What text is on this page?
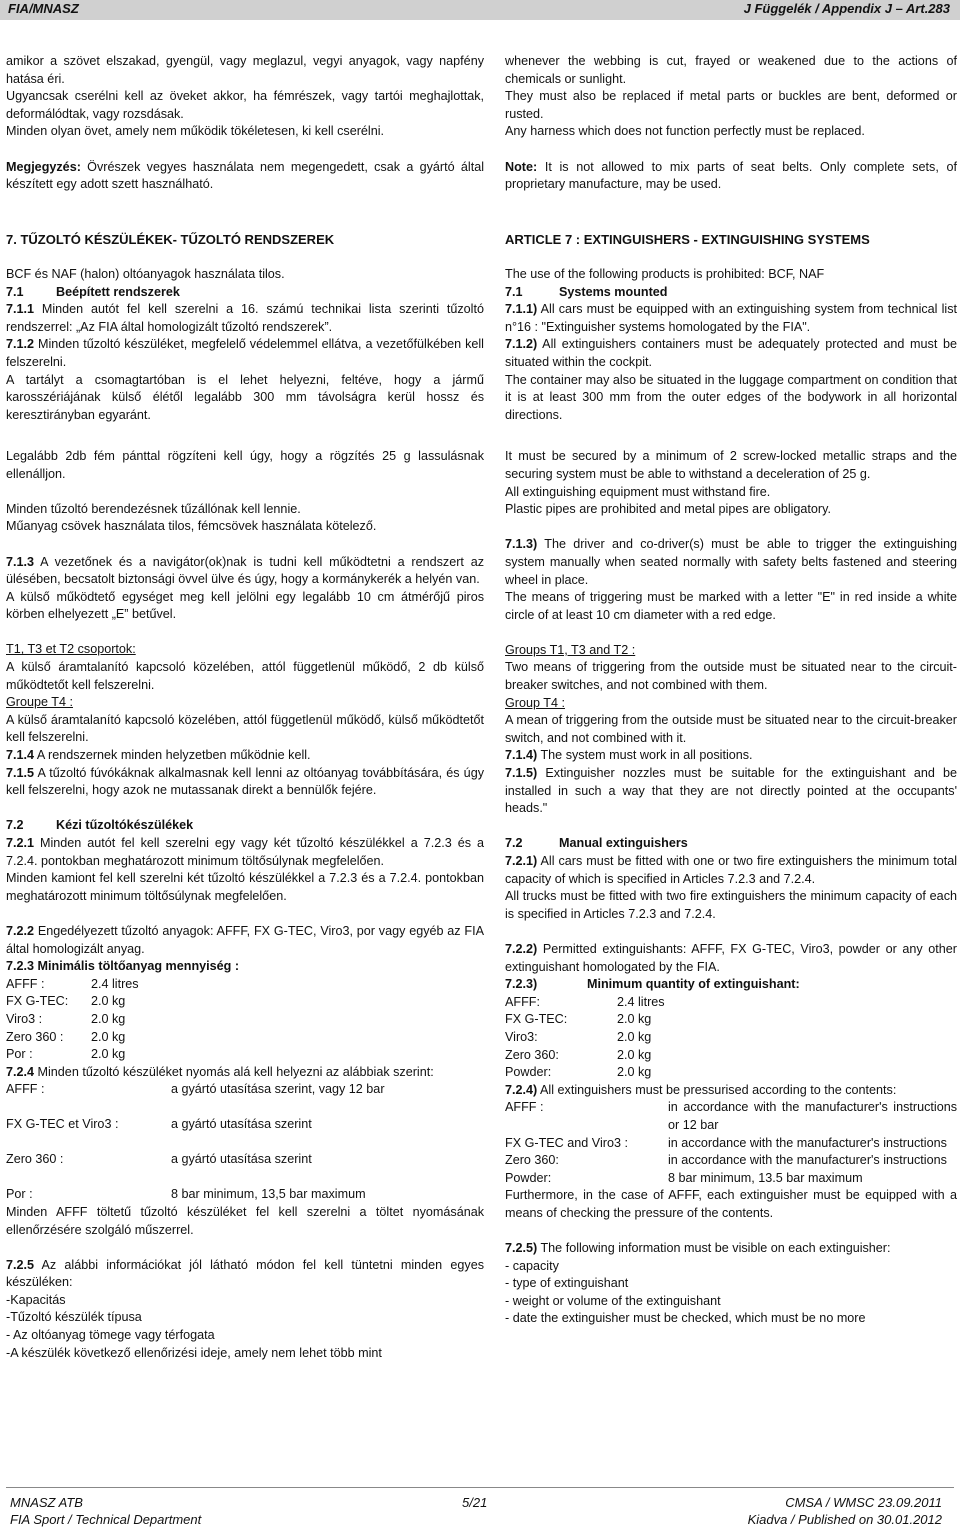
FIA/MNASZ	J Függelék / Appendix J – Art.283

amikor a szövet elszakad, gyengül, vagy meglazul, vegyi anyagok, vagy napfény hatása éri.

Ugyancsak cserélni kell az öveket akkor, ha fémrészek, vagy tartói meghajlottak, deformálódtak, vagy rozsdásak.

Minden olyan övet, amely nem működik tökéletesen, ki kell cserélni.

Megjegyzés: Övrészek vegyes használata nem megengedett, csak a gyártó által készített egy adott szett használható.

whenever the webbing is cut, frayed or weakened due to the actions of chemicals or sunlight.

They must also be replaced if metal parts or buckles are bent, deformed or rusted.

Any harness which does not function perfectly must be replaced.

Note: It is not allowed to mix parts of seat belts. Only complete sets, of proprietary manufacture, may be used.

7. TŰZOLTÓ KÉSZÜLÉKEK- TŰZOLTÓ RENDSZEREK	ARTICLE 7 : EXTINGUISHERS - EXTINGUISHING SYSTEMS

BCF és NAF (halon) oltóanyagok használata tilos.

7.1	Beépített rendszerek

7.1.1 Minden autót fel kell szerelni a 16. számú technikai lista szerinti tűzoltó rendszerrel: „Az FIA által homologizált tűzoltó rendszerek”.

7.1.2 Minden tűzoltó készüléket, megfelelő védelemmel ellátva, a vezetőfülkében kell felszerelni.

A tartályt a csomagtartóban is el lehet helyezni, feltéve, hogy a jármű karosszériájának külső élétől legalább 300 mm távolságra kerül hossz és keresztirányban egyaránt.

Legalább 2db fém pánttal rögzíteni kell úgy, hogy a rögzítés 25 g lassulásnak ellenálljon.

Minden tűzoltó berendezésnek tűzállónak kell lennie.

Műanyag csövek használata tilos, fémcsövek használata kötelező.

7.1.3 A vezetőnek és a navigátor(ok)nak is tudni kell működtetni a rendszert az ülésében, becsatolt biztonsági övvel ülve és úgy, hogy a kormánykerék a helyén van.

A külső működtető egységet meg kell jelölni egy legalább 10 cm átmérőjű piros körben elhelyezett „E” betűvel.

T1, T3 et T2 csoportok:

A külső áramtalanító kapcsoló közelében, attól függetlenül működő, 2 db külső működtetőt kell felszerelni.

Groupe T4 :

A külső áramtalanító kapcsoló közelében, attól függetlenül működő, külső működtetőt kell felszerelni.

7.1.4 A rendszernek minden helyzetben működnie kell.

7.1.5 A tűzoltó fúvókáknak alkalmasnak kell lenni az oltóanyag továbbítására, és úgy kell felszerelni, hogy azok ne mutassanak direkt a bennülők fejére.

7.2	Kézi tűzoltókészülékek

7.2.1 Minden autót fel kell szerelni egy vagy két tűzoltó készülékkel a 7.2.3 és a 7.2.4. pontokban meghatározott minimum töltősúlynak megfelelően.

Minden kamiont fel kell szerelni két tűzoltó készülékkel a 7.2.3 és a 7.2.4. pontokban meghatározott minimum töltősúlynak megfelelően.

7.2.2 Engedélyezett tűzoltó anyagok: AFFF, FX G-TEC, Viro3, por vagy egyéb az FIA által homologizált anyag.

7.2.3 Minimális töltőanyag mennyiség :

AFFF :	2.4 litres
FX G-TEC:	2.0 kg
Viro3 :	2.0 kg
Zero 360 :	2.0 kg
Por :	2.0 kg

7.2.4 Minden tűzoltó készüléket nyomás alá kell helyezni az alábbiak szerint:

AFFF :	a gyártó utasítása szerint, vagy 12 bar
FX G-TEC et Viro3 :	a gyártó utasítása szerint
Zero 360 :	a gyártó utasítása szerint
Por :	8 bar minimum, 13,5 bar maximum

Minden AFFF töltetű tűzoltó készüléket fel kell szerelni a töltet nyomásának ellenőrzésére szolgáló műszerrel.

7.2.5 Az alábbi információkat jól látható módon fel kell tüntetni minden egyes készüléken:

-Kapacitás

-Tűzoltó készülék típusa

- Az oltóanyag tömege vagy térfogata

-A készülék következő ellenőrizési ideje, amely nem lehet több mint

The use of the following products is prohibited: BCF, NAF

7.1	Systems mounted

7.1.1) All cars must be equipped with an extinguishing system from technical list n°16 : "Extinguisher systems homologated by the FIA".

7.1.2) All extinguishers containers must be adequately protected and must be situated within the cockpit.

The container may also be situated in the luggage compartment on condition that it is at least 300 mm from the outer edges of the bodywork in all horizontal directions.

It must be secured by a minimum of 2 screw-locked metallic straps and the securing system must be able to withstand a deceleration of 25 g.

All extinguishing equipment must withstand fire.

Plastic pipes are prohibited and metal pipes are obligatory.

7.1.3) The driver and co-driver(s) must be able to trigger the extinguishing system manually when seated normally with safety belts fastened and steering wheel in place.

The means of triggering must be marked with a letter "E" in red inside a white circle of at least 10 cm diameter with a red edge.

Groups T1, T3 and T2 :

Two means of triggering from the outside must be situated near to the circuit-breaker switches, and not combined with them.

Group T4 :

A mean of triggering from the outside must be situated near to the circuit-breaker switch, and not combined with it.

7.1.4) The system must work in all positions.

7.1.5) Extinguisher nozzles must be suitable for the extinguishant and be installed in such a way that they are not directly pointed at the occupants' heads."

7.2	Manual extinguishers

7.2.1) All cars must be fitted with one or two fire extinguishers the minimum total capacity of which is specified in Articles 7.2.3 and 7.2.4.

All trucks must be fitted with two fire extinguishers the minimum capacity of each is specified in Articles 7.2.3 and 7.2.4.

7.2.2) Permitted extinguishants: AFFF, FX G-TEC, Viro3, powder or any other extinguishant homologated by the FIA.

7.2.3)	Minimum quantity of extinguishant:

AFFF:	2.4 litres
FX G-TEC:	2.0 kg
Viro3:	2.0 kg
Zero 360:	2.0 kg
Powder:	2.0 kg

7.2.4) All extinguishers must be pressurised according to the contents:

AFFF :	in accordance with the manufacturer's instructions or 12 bar
FX G-TEC and Viro3 :	in accordance with the manufacturer's instructions
Zero 360:	in accordance with the manufacturer's instructions
Powder:	8 bar minimum, 13.5 bar maximum

Furthermore, in the case of AFFF, each extinguisher must be equipped with a means of checking the pressure of the contents.

7.2.5) The following information must be visible on each extinguisher:

- capacity

- type of extinguishant

- weight or volume of the extinguishant

- date the extinguisher must be checked, which must be no more

MNASZ ATB	5/21	CMSA / WMSC 23.09.2011
FIA Sport / Technical Department	Kiadva / Published on 30.01.2012
